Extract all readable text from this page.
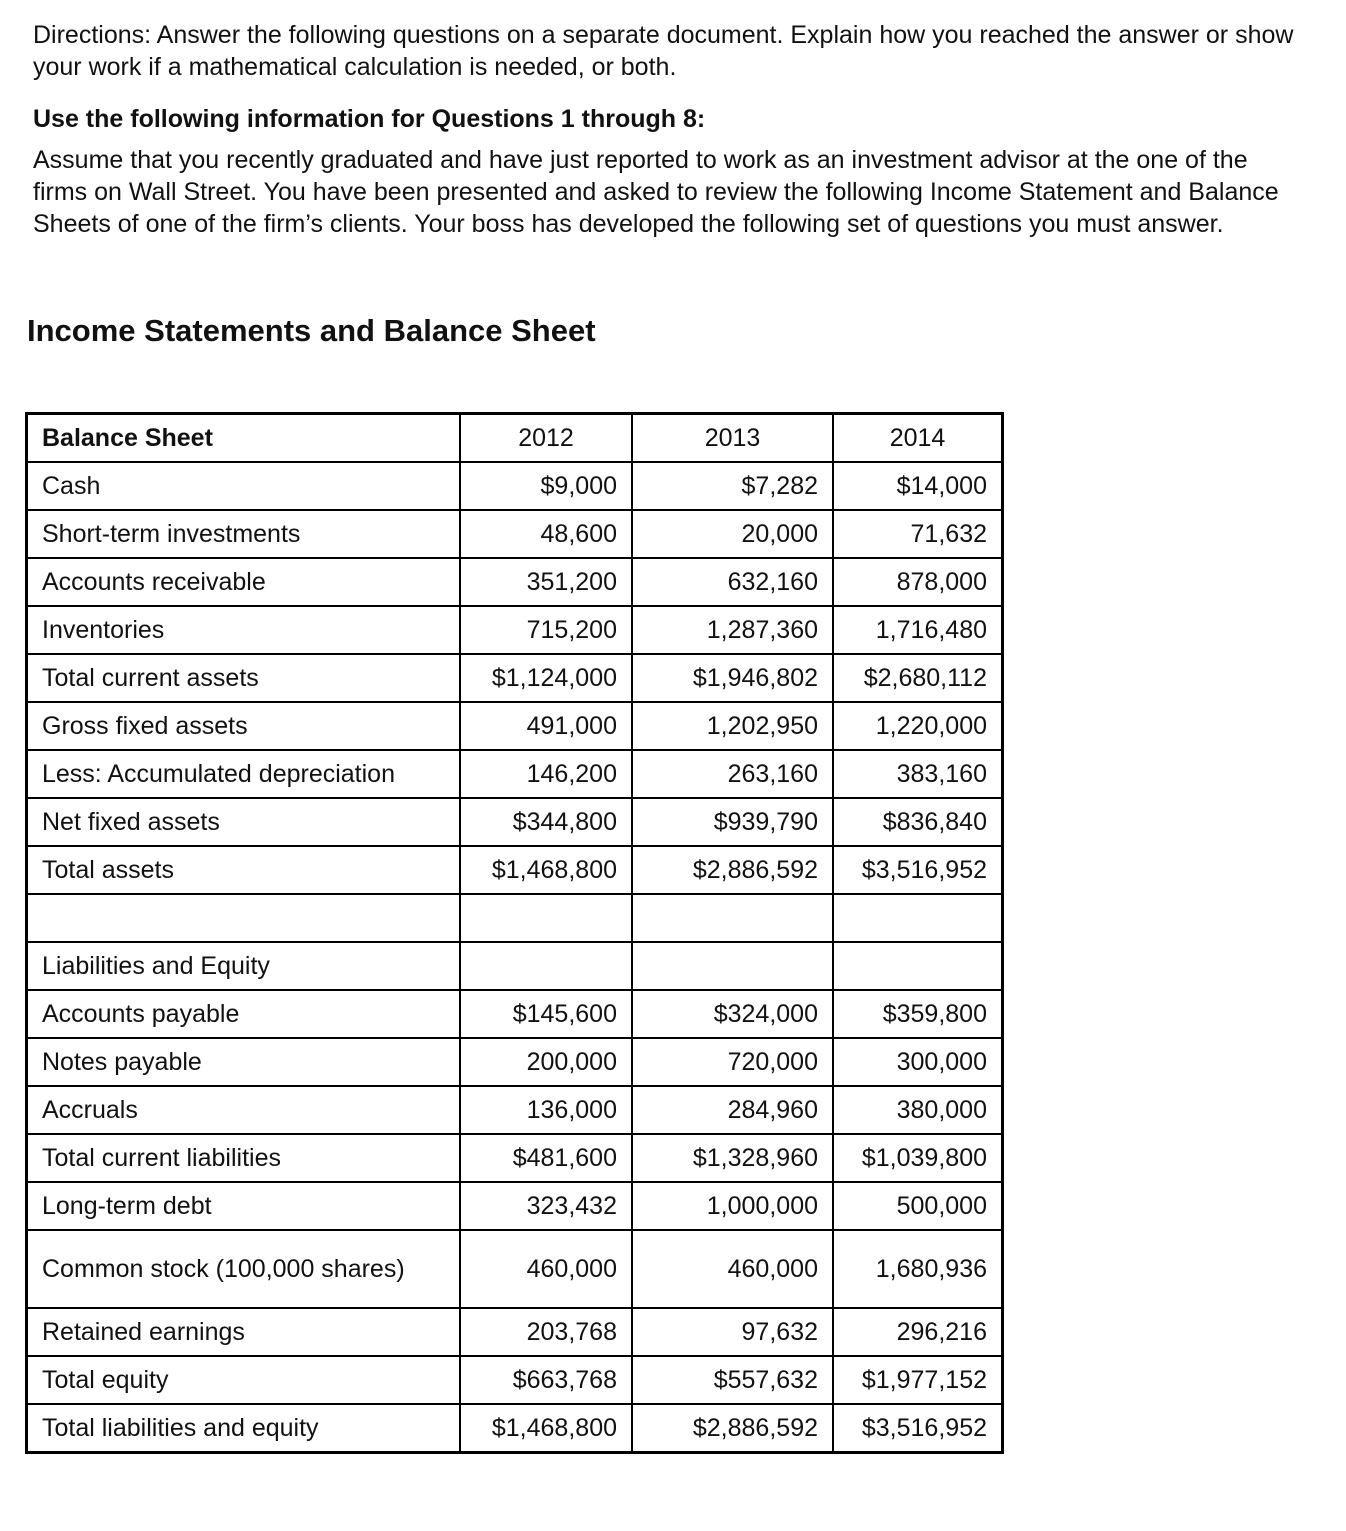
Directions: Answer the following questions on a separate document. Explain how you reached the answer or show your work if a mathematical calculation is needed, or both.

Use the following information for Questions 1 through 8:

Assume that you recently graduated and have just reported to work as an investment advisor at the one of the firms on Wall Street. You have been presented and asked to review the following Income Statement and Balance Sheets of one of the firm’s clients. Your boss has developed the following set of questions you must answer.

Income Statements and Balance Sheet
Balance Sheet	2012	2013	2014
Cash	$9,000	$7,282	$14,000
Short-term investments	48,600	20,000	71,632
Accounts receivable	351,200	632,160	878,000
Inventories	715,200	1,287,360	1,716,480
Total current assets	$1,124,000	$1,946,802	$2,680,112
Gross fixed assets	491,000	1,202,950	1,220,000
Less: Accumulated depreciation	146,200	263,160	383,160
Net fixed assets	$344,800	$939,790	$836,840
Total assets	$1,468,800	$2,886,592	$3,516,952

Liabilities and Equity			
Accounts payable	$145,600	$324,000	$359,800
Notes payable	200,000	720,000	300,000
Accruals	136,000	284,960	380,000
Total current liabilities	$481,600	$1,328,960	$1,039,800
Long-term debt	323,432	1,000,000	500,000
Common stock (100,000 shares)	460,000	460,000	1,680,936
Retained earnings	203,768	97,632	296,216
Total equity	$663,768	$557,632	$1,977,152
Total liabilities and equity	$1,468,800	$2,886,592	$3,516,952
